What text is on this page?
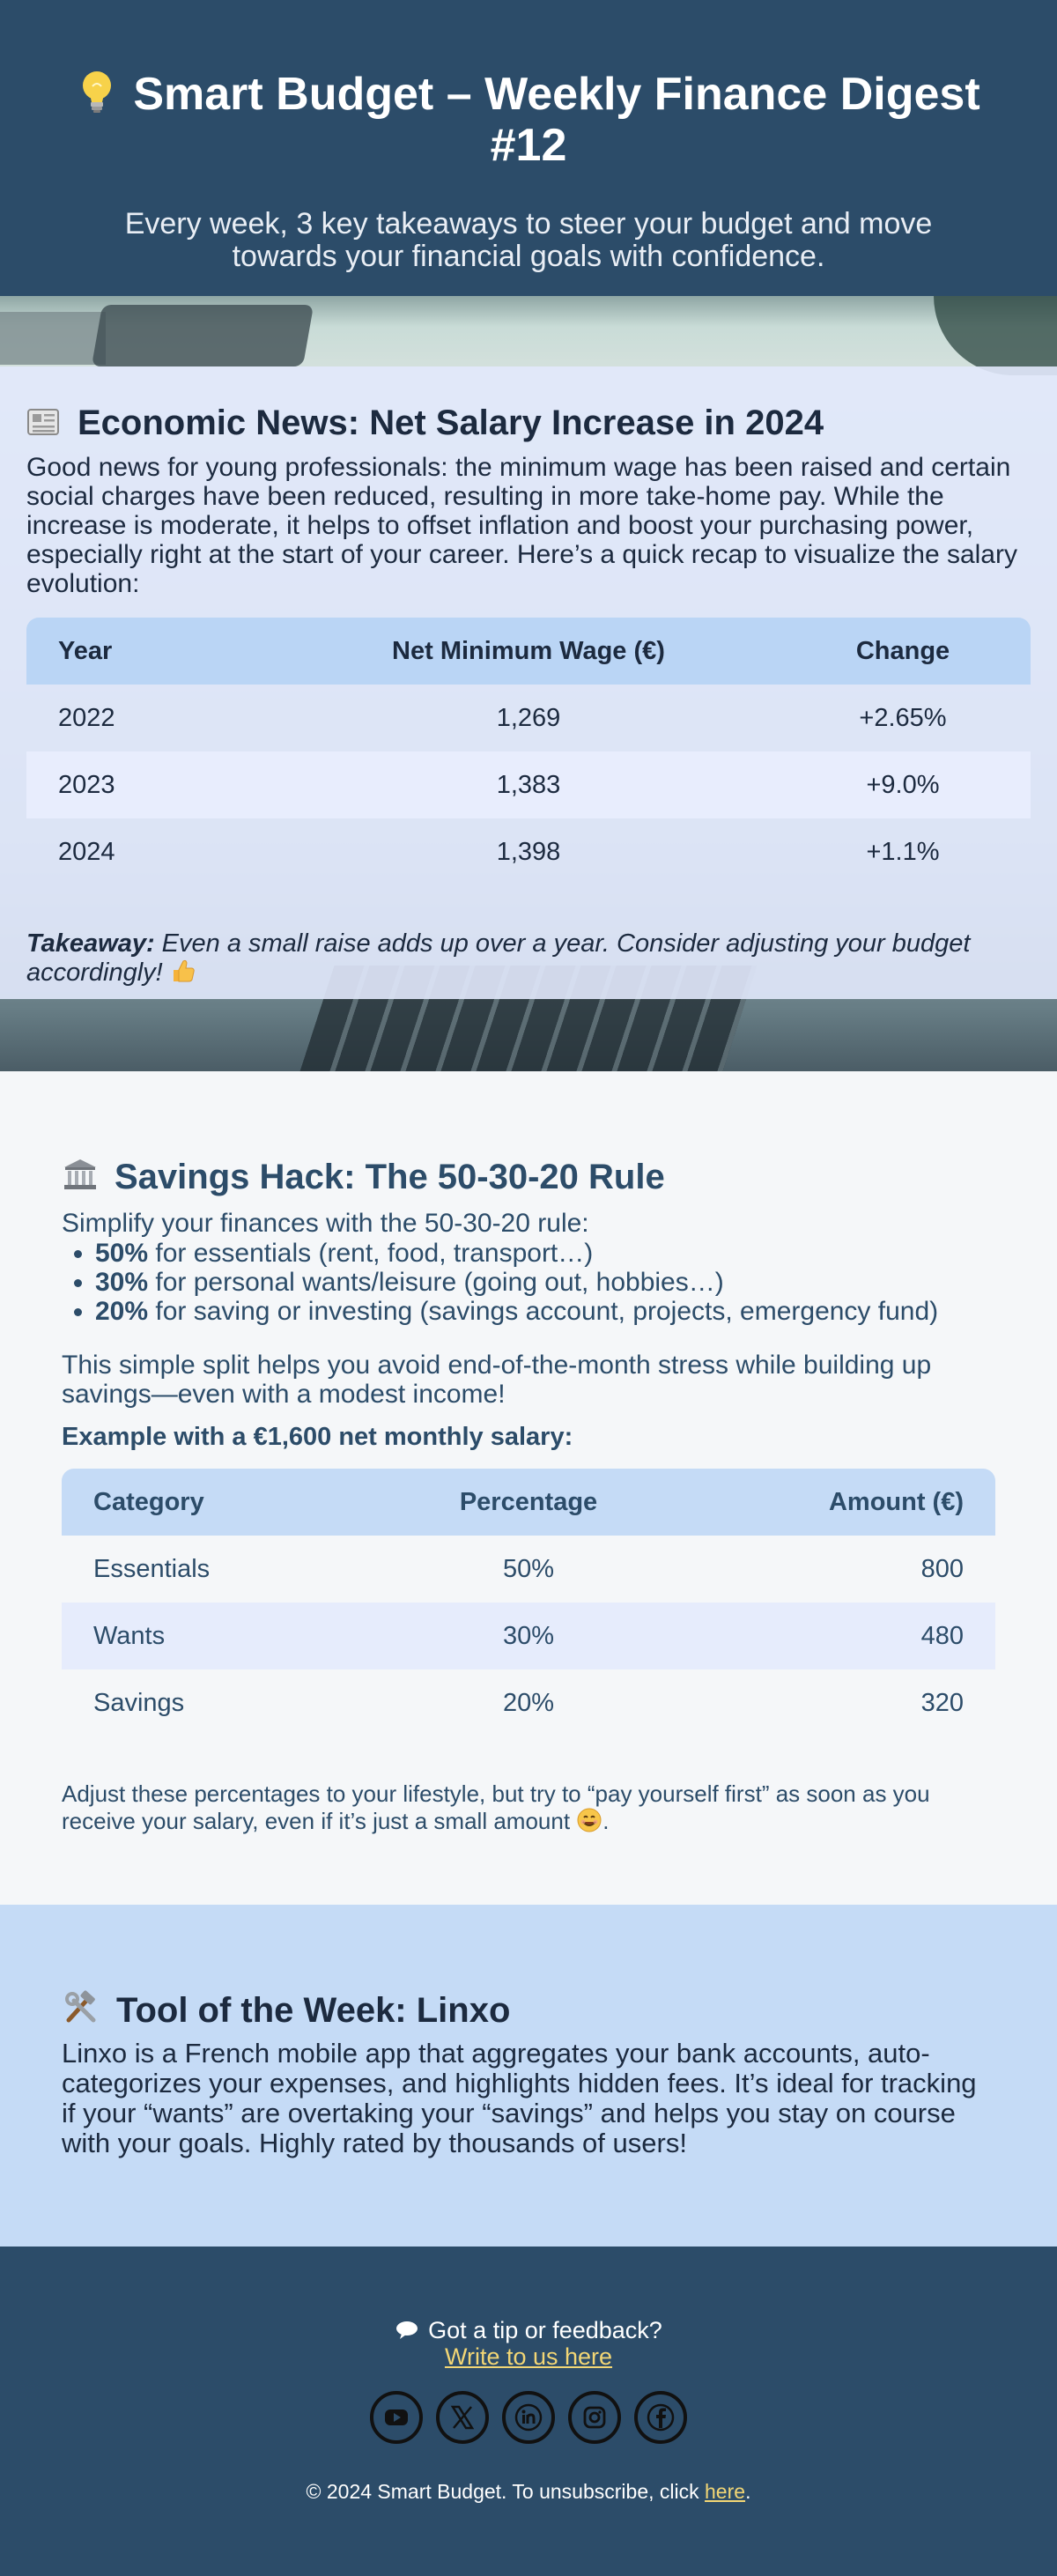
Smart Budget – Weekly Finance Digest #12

Every week, 3 key takeaways to steer your budget and move towards your financial goals with confidence.

Economic News: Net Salary Increase in 2024

Good news for young professionals: the minimum wage has been raised and certain social charges have been reduced, resulting in more take-home pay. While the increase is moderate, it helps to offset inflation and boost your purchasing power, especially right at the start of your career. Here’s a quick recap to visualize the salary evolution:

Year	Net Minimum Wage (€)	Change
2022	1,269	+2.65%
2023	1,383	+9.0%
2024	1,398	+1.1%

Takeaway: Even a small raise adds up over a year. Consider adjusting your budget accordingly!

Savings Hack: The 50-30-20 Rule

Simplify your finances with the 50-30-20 rule:

• 50% for essentials (rent, food, transport…)
• 30% for personal wants/leisure (going out, hobbies…)
• 20% for saving or investing (savings account, projects, emergency fund)

This simple split helps you avoid end-of-the-month stress while building up savings—even with a modest income!

Example with a €1,600 net monthly salary:

Category	Percentage	Amount (€)
Essentials	50%	800
Wants	30%	480
Savings	20%	320

Adjust these percentages to your lifestyle, but try to “pay yourself first” as soon as you receive your salary, even if it’s just a small amount .

Tool of the Week: Linxo

Linxo is a French mobile app that aggregates your bank accounts, auto-categorizes your expenses, and highlights hidden fees. It’s ideal for tracking if your “wants” are overtaking your “savings” and helps you stay on course with your goals. Highly rated by thousands of users!

Got a tip or feedback?
Write to us here

© 2024 Smart Budget. To unsubscribe, click here.
